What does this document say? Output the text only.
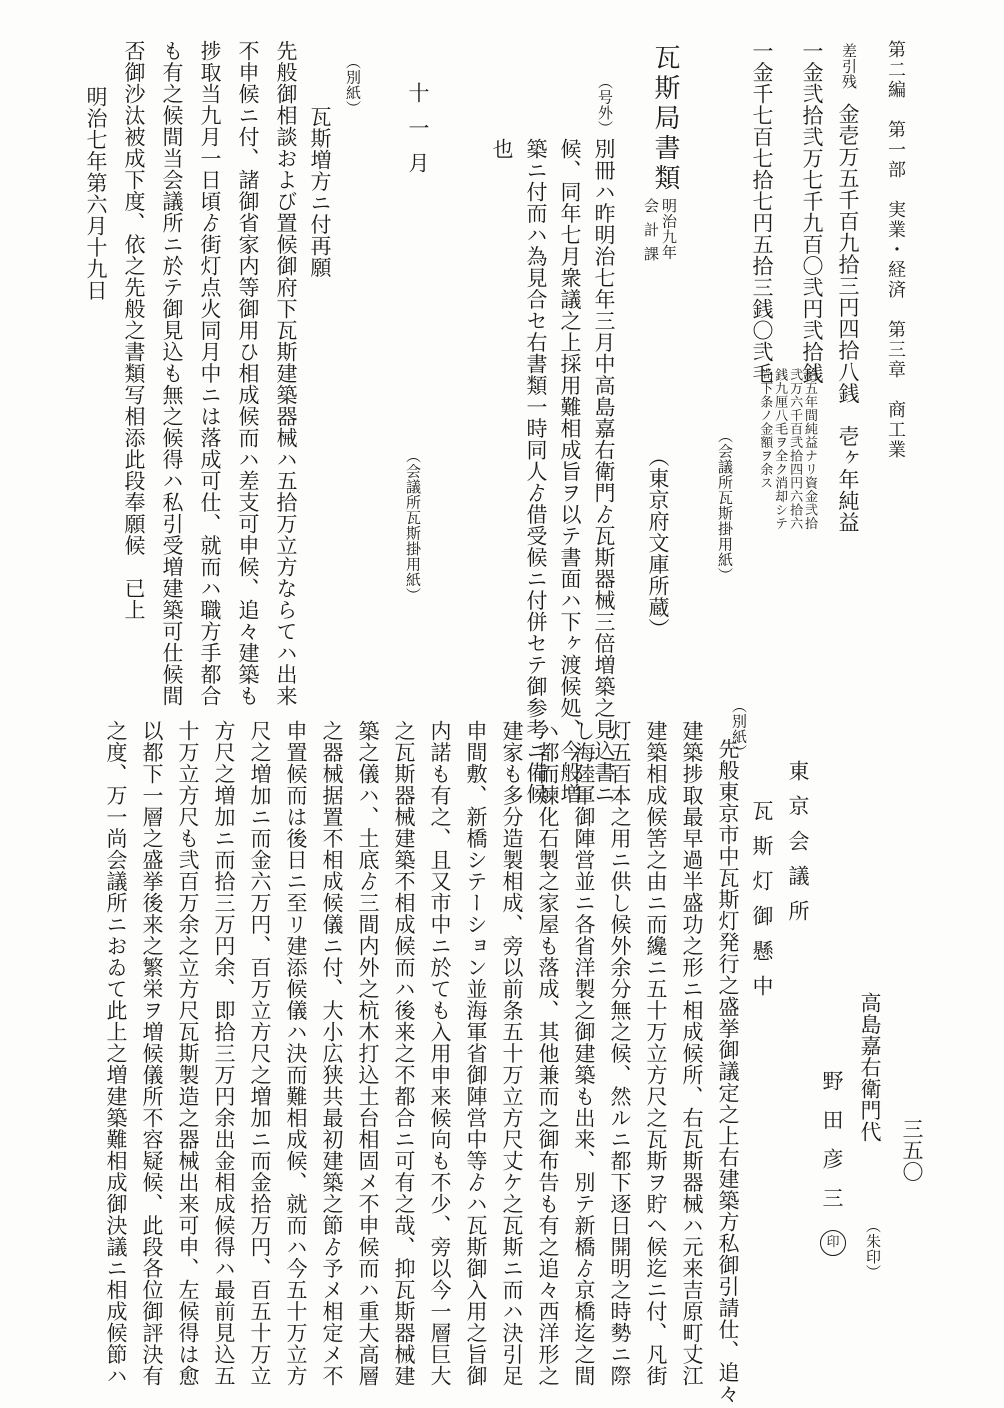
第二編　第一部　実業・経済　第三章　商工業
差引残
金壱万五千百九拾三円四拾八銭　壱ヶ年純益
一金弐拾弐万七千九百〇弐円弐拾銭
拾五年間純益ナリ資金弐拾弐万六千百弐拾四円六拾六銭九厘八毛ヲ全ク消却シテ尚下条ノ金額ヲ余ス
一金千七百七拾七円五拾三銭〇弐毛
（会議所瓦斯掛用紙）
瓦斯局書類
明治九年
会計課
（東京府文庫所蔵）
（号外）
別冊ハ昨明治七年三月中高島嘉右衛門ゟ瓦斯器械三倍増築之見込書ニ
候、同年七月衆議之上採用難相成旨ヲ以テ書面ハ下ヶ渡候処、今般増
築ニ付而ハ為見合セ右書類一時同人ゟ借受候ニ付併セテ御参考ニ備候
也
十一月
（会議所瓦斯掛用紙）
（別紙）
瓦斯増方ニ付再願
先般御相談および置候御府下瓦斯建築器械ハ五拾万立方ならてハ出来
不申候ニ付、諸御省家内等御用ひ相成候而ハ差支可申候、追々建築も
捗取当九月一日頃ゟ街灯点火同月中ニは落成可仕、就而ハ職方手都合
も有之候間当会議所ニ於テ御見込も無之候得ハ私引受増建築可仕候間
否御沙汰被成下度、依之先般之書類写相添此段奉願候　已上
明治七年第六月十九日
三五〇
高島嘉右衛門代
（朱印）
野田彦三
印
東京会議所
瓦斯灯御懸中
（別紙）
先般東京市中瓦斯灯発行之盛挙御議定之上右建築方私御引請仕、追々
建築捗取最早過半盛功之形ニ相成候所、右瓦斯器械ハ元来吉原町丈江
建築相成候筈之由ニ而纔ニ五十万立方尺之瓦斯ヲ貯ヘ候迄ニ付、凡街
灯五百本之用ニ供し候外余分無之候、然ルニ都下逐日開明之時勢ニ際
し海陸軍御陣営並ニ各省洋製之御建築も出来、別テ新橋ゟ京橋迄之間
ハ都而煉化石製之家屋も落成、其他兼而之御布告も有之追々西洋形之
建家も多分造製相成、旁以前条五十万立方尺丈ケ之瓦斯ニ而ハ決引足
申間敷、新橋シテーション並海軍省御陣営中等ゟハ瓦斯御入用之旨御
内諾も有之、且又市中ニ於ても入用申来候向も不少、旁以今一層巨大
之瓦斯器械建築不相成候而ハ後来之不都合ニ可有之哉、抑瓦斯器械建
築之儀ハ、土底ゟ三間内外之杭木打込土台相固メ不申候而ハ重大高層
之器械据置不相成候儀ニ付、大小広狭共最初建築之節ゟ予メ相定メ不
申置候而は後日ニ至リ建添候儀ハ決而難相成候、就而ハ今五十万立方
尺之増加ニ而金六万円、百万立方尺之増加ニ而金拾万円、百五十万立
方尺之増加ニ而拾三万円余、即拾三万円余出金相成候得ハ最前見込五
十万立方尺も弐百万余之立方尺瓦斯製造之器械出来可申、左候得は愈
以都下一層之盛挙後来之繁栄ヲ増候儀所不容疑候、此段各位御評決有
之度、万一尚会議所ニおゐて此上之増建築難相成御決議ニ相成候節ハ
